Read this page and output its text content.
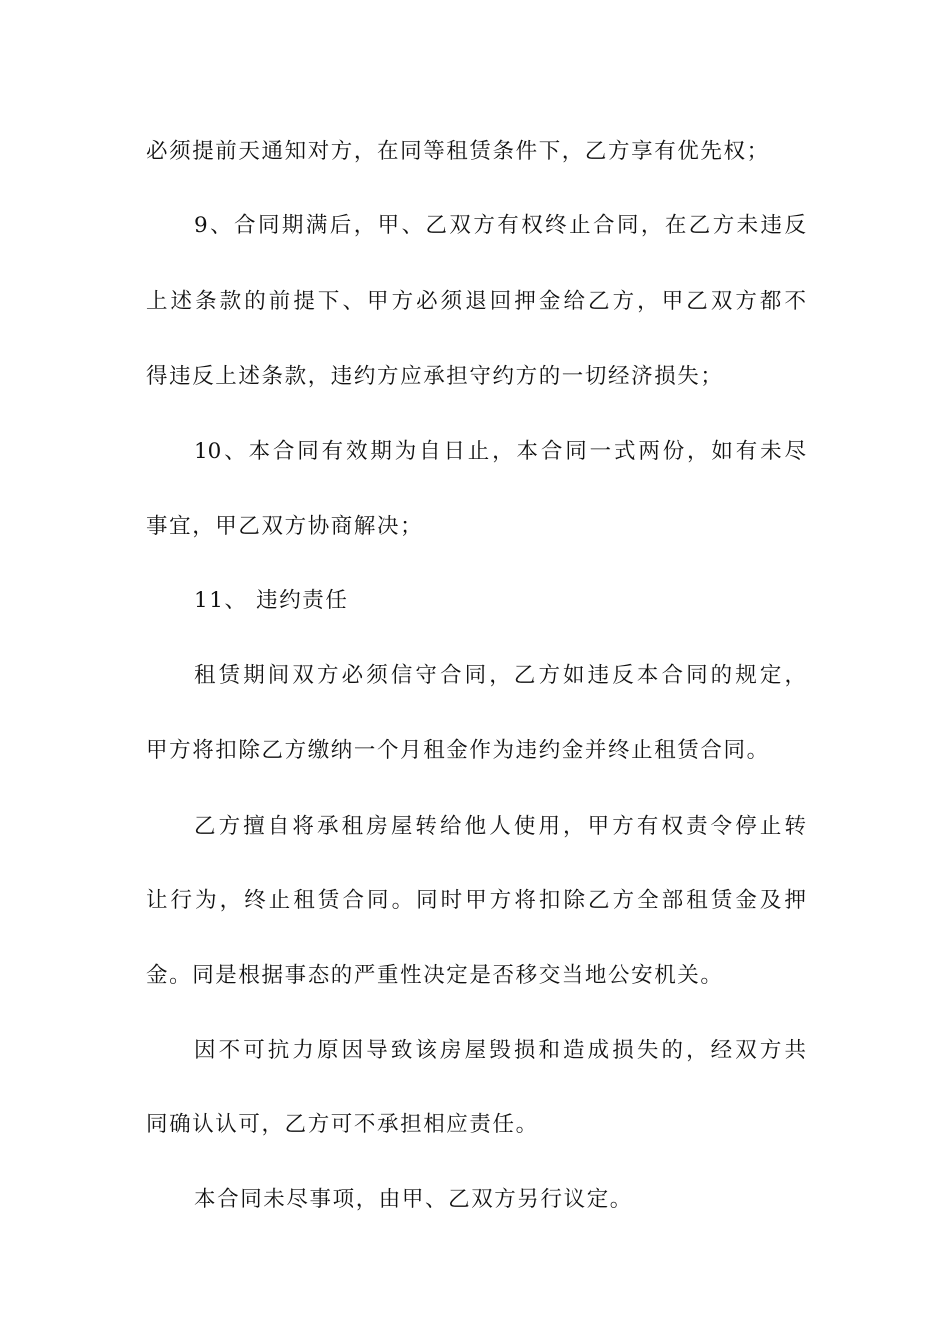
必须提前天通知对方，在同等租赁条件下，乙方享有优先权；
9、合同期满后，甲、乙双方有权终止合同，在乙方未违反
上述条款的前提下、甲方必须退回押金给乙方，甲乙双方都不
得违反上述条款，违约方应承担守约方的一切经济损失；
10、本合同有效期为自日止，本合同一式两份，如有未尽
事宜，甲乙双方协商解决；
11、 违约责任
租赁期间双方必须信守合同，乙方如违反本合同的规定，
甲方将扣除乙方缴纳一个月租金作为违约金并终止租赁合同。
乙方擅自将承租房屋转给他人使用，甲方有权责令停止转
让行为，终止租赁合同。同时甲方将扣除乙方全部租赁金及押
金。同是根据事态的严重性决定是否移交当地公安机关。
因不可抗力原因导致该房屋毁损和造成损失的，经双方共
同确认认可，乙方可不承担相应责任。
本合同未尽事项，由甲、乙双方另行议定。
